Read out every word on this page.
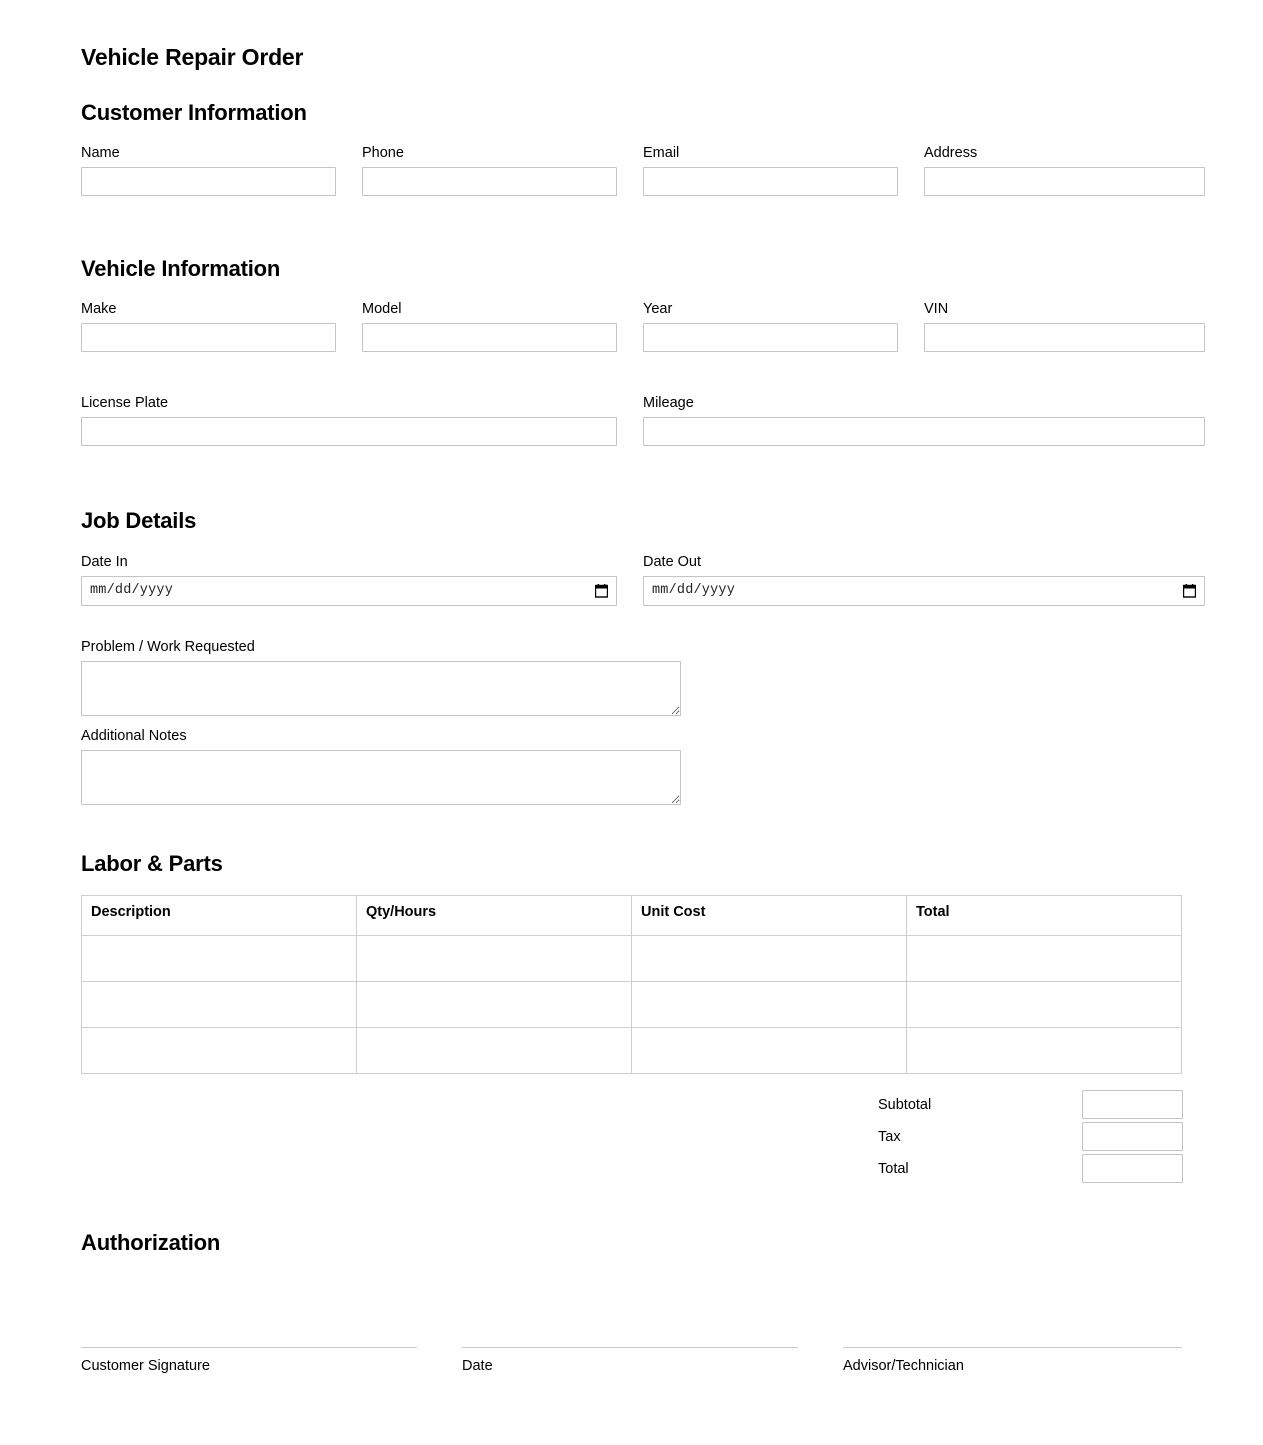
Vehicle Repair Order
Customer Information
Name	Phone	Email	Address
Vehicle Information
Make	Model	Year	VIN
License Plate	Mileage
Job Details
Date In
mm/dd/yyyy
Date Out
mm/dd/yyyy
Problem / Work Requested
Additional Notes
Labor & Parts
Description	Qty/Hours	Unit Cost	Total

Subtotal
Tax
Total
Authorization
Customer Signature	Date	Advisor/Technician
